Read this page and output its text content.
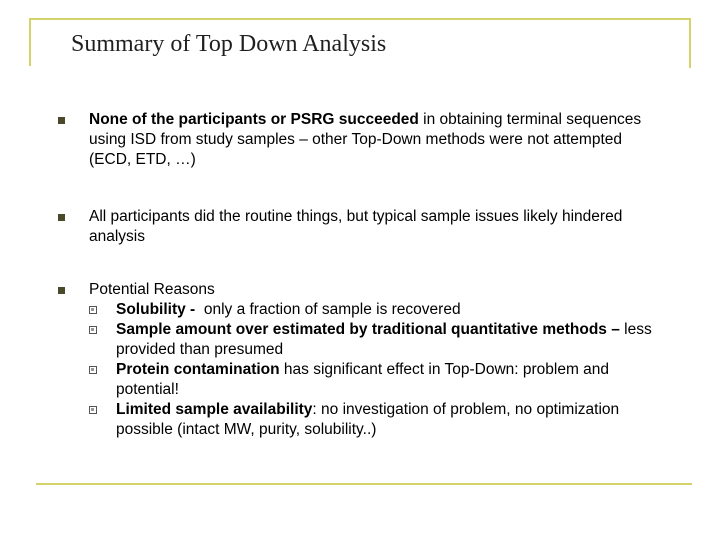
Summary of Top Down Analysis
None of the participants or PSRG succeeded in obtaining terminal sequences using ISD from study samples – other Top-Down methods were not attempted (ECD, ETD, …)
All participants did the routine things, but typical sample issues likely hindered analysis
Potential Reasons
Solubility -  only a fraction of sample is recovered
Sample amount over estimated by traditional quantitative methods – less provided than presumed
Protein contamination has significant effect in Top-Down: problem and potential!
Limited sample availability: no investigation of problem, no optimization possible (intact MW, purity, solubility..)
